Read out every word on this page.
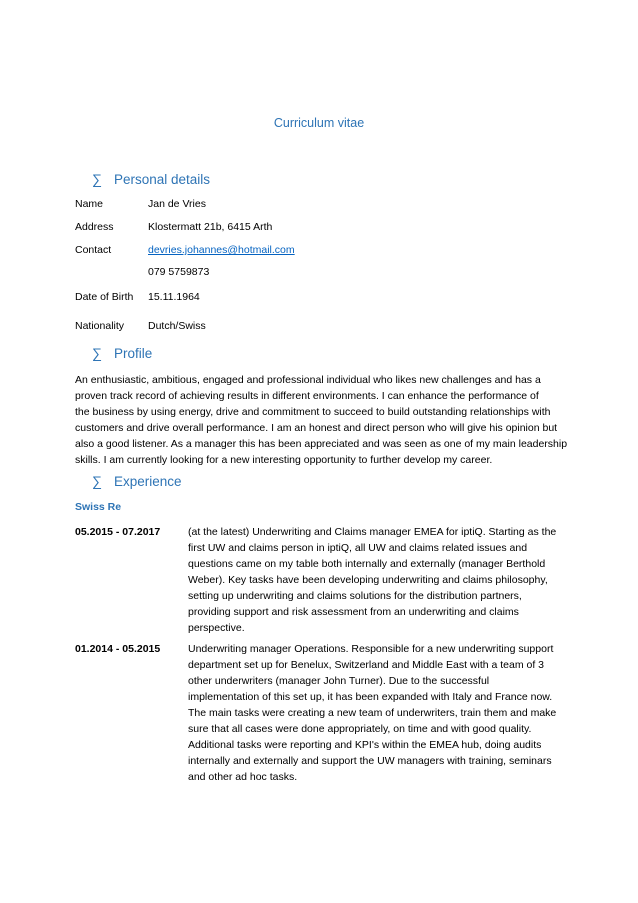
Curriculum vitae
∑ Personal details
Name	Jan de Vries
Address	Klostermatt 21b, 6415 Arth
Contact	devries.johannes@hotmail.com
079 5759873
Date of Birth 15.11.1964
Nationality Dutch/Swiss
∑ Profile
An enthusiastic, ambitious, engaged and professional individual who likes new challenges and has a
proven track record of achieving results in different environments. I can enhance the performance of
the business by using energy, drive and commitment to succeed to build outstanding relationships with
customers and drive overall performance. I am an honest and direct person who will give his opinion but
also a good listener. As a manager this has been appreciated and was seen as one of my main leadership
skills. I am currently looking for a new interesting opportunity to further develop my career.
∑ Experience
Swiss Re
05.2015 - 07.2017	(at the latest) Underwriting and Claims manager EMEA for iptiQ. Starting as the
first UW and claims person in iptiQ, all UW and claims related issues and
questions came on my table both internally and externally (manager Berthold
Weber). Key tasks have been developing underwriting and claims philosophy,
setting up underwriting and claims solutions for the distribution partners,
providing support and risk assessment from an underwriting and claims
perspective.
01.2014 - 05.2015	Underwriting manager Operations. Responsible for a new underwriting support
department set up for Benelux, Switzerland and Middle East with a team of 3
other underwriters (manager John Turner). Due to the successful
implementation of this set up, it has been expanded with Italy and France now.
The main tasks were creating a new team of underwriters, train them and make
sure that all cases were done appropriately, on time and with good quality.
Additional tasks were reporting and KPI's within the EMEA hub, doing audits
internally and externally and support the UW managers with training, seminars
and other ad hoc tasks.
